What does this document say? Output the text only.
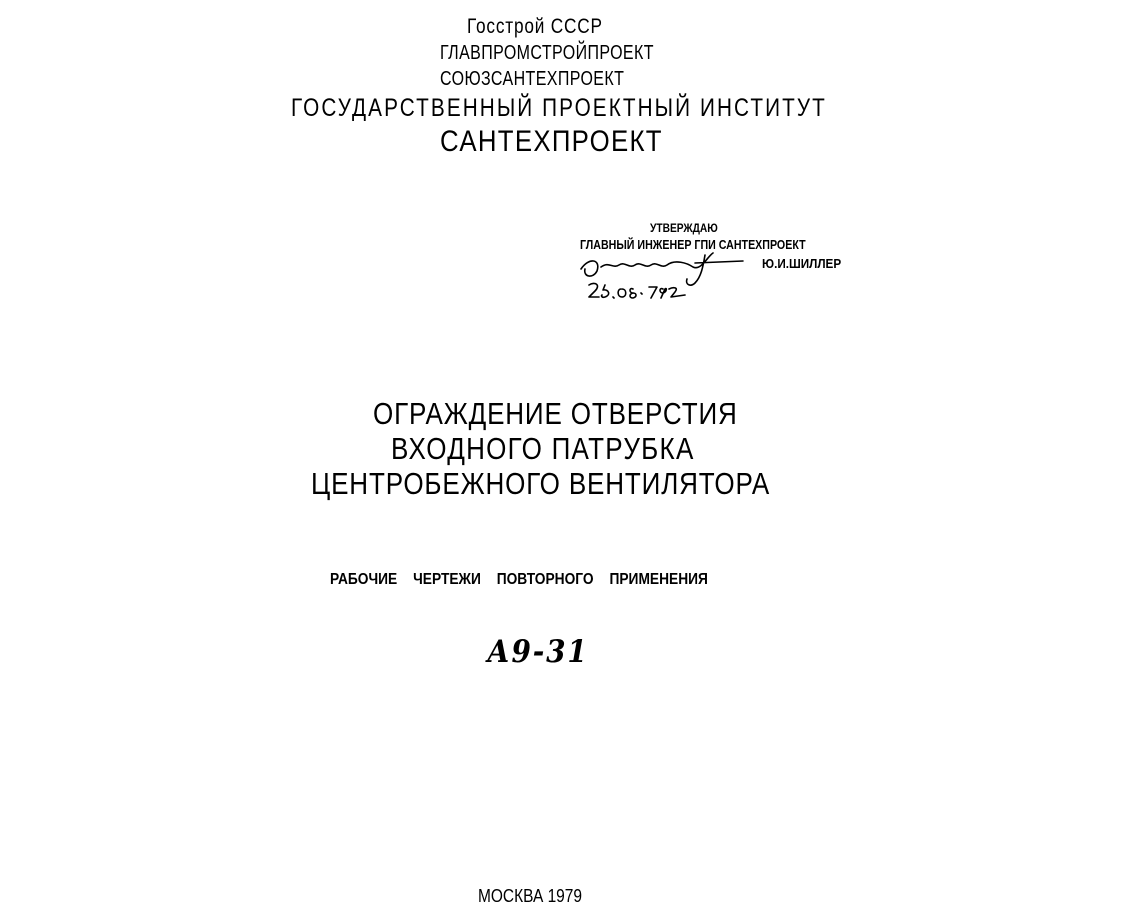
Госстрой СССР
ГЛАВПРОМСТРОЙПРОЕКТ
СОЮЗСАНТЕХПРОЕКТ
ГОСУДАРСТВЕННЫЙ ПРОЕКТНЫЙ ИНСТИТУТ
САНТЕХПРОЕКТ
УТВЕРЖДАЮ
ГЛАВНЫЙ ИНЖЕНЕР ГПИ САНТЕХПРОЕКТ
Ю.И.ШИЛЛЕР
ОГРАЖДЕНИЕ ОТВЕРСТИЯ
ВХОДНОГО ПАТРУБКА
ЦЕНТРОБЕЖНОГО ВЕНТИЛЯТОРА
РАБОЧИЕ ЧЕРТЕЖИ ПОВТОРНОГО ПРИМЕНЕНИЯ
А9-31
МОСКВА 1979
